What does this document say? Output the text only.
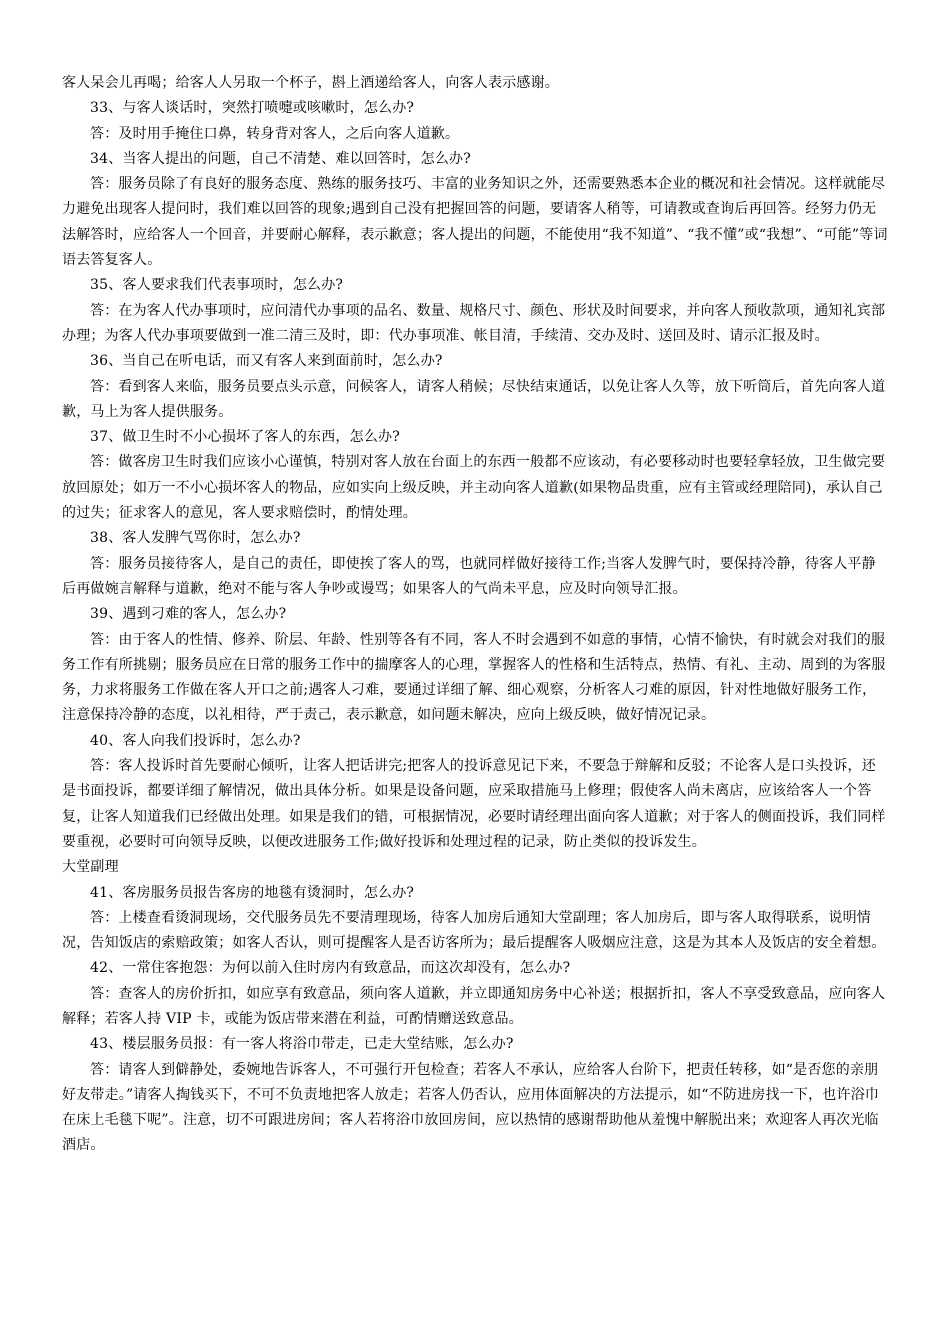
客人呆会儿再喝；给客人人另取一个杯子，斟上酒递给客人，向客人表示感谢。

33、与客人谈话时，突然打喷嚏或咳嗽时，怎么办?

答：及时用手掩住口鼻，转身背对客人，之后向客人道歉。

34、当客人提出的问题，自己不清楚、难以回答时，怎么办?

答：服务员除了有良好的服务态度、熟练的服务技巧、丰富的业务知识之外，还需要熟悉本企业的概况和社会情况。这样就能尽力避免出现客人提问时，我们难以回答的现象;遇到自己没有把握回答的问题，要请客人稍等，可请教或查询后再回答。经努力仍无法解答时，应给客人一个回音，并要耐心解释，表示歉意；客人提出的问题，不能使用“我不知道”、“我不懂”或“我想”、“可能”等词语去答复客人。

35、客人要求我们代表事项时，怎么办?

答：在为客人代办事项时，应问清代办事项的品名、数量、规格尺寸、颜色、形状及时间要求，并向客人预收款项，通知礼宾部办理；为客人代办事项要做到一准二清三及时，即：代办事项准、帐目清，手续清、交办及时、送回及时、请示汇报及时。

36、当自己在听电话，而又有客人来到面前时，怎么办?

答：看到客人来临，服务员要点头示意，问候客人，请客人稍候；尽快结束通话，以免让客人久等，放下听筒后，首先向客人道歉，马上为客人提供服务。

37、做卫生时不小心损坏了客人的东西，怎么办?

答：做客房卫生时我们应该小心谨慎，特别对客人放在台面上的东西一般都不应该动，有必要移动时也要轻拿轻放，卫生做完要放回原处；如万一不小心损坏客人的物品，应如实向上级反映，并主动向客人道歉(如果物品贵重，应有主管或经理陪同)，承认自己的过失；征求客人的意见，客人要求赔偿时，酌情处理。

38、客人发脾气骂你时，怎么办?

答：服务员接待客人，是自己的责任，即使挨了客人的骂，也就同样做好接待工作;当客人发脾气时，要保持冷静，待客人平静后再做婉言解释与道歉，绝对不能与客人争吵或谩骂；如果客人的气尚未平息，应及时向领导汇报。

39、遇到刁难的客人，怎么办?

答：由于客人的性情、修养、阶层、年龄、性别等各有不同，客人不时会遇到不如意的事情，心情不愉快，有时就会对我们的服务工作有所挑剔；服务员应在日常的服务工作中的揣摩客人的心理，掌握客人的性格和生活特点，热情、有礼、主动、周到的为客服务，力求将服务工作做在客人开口之前;遇客人刁难，要通过详细了解、细心观察，分析客人刁难的原因，针对性地做好服务工作，注意保持冷静的态度，以礼相待，严于责己，表示歉意，如问题未解决，应向上级反映，做好情况记录。

40、客人向我们投诉时，怎么办?

答：客人投诉时首先要耐心倾听，让客人把话讲完;把客人的投诉意见记下来，不要急于辩解和反驳；不论客人是口头投诉，还是书面投诉，都要详细了解情况，做出具体分析。如果是设备问题，应采取措施马上修理；假使客人尚未离店，应该给客人一个答复，让客人知道我们已经做出处理。如果是我们的错，可根据情况，必要时请经理出面向客人道歉；对于客人的侧面投诉，我们同样要重视，必要时可向领导反映，以便改进服务工作;做好投诉和处理过程的记录，防止类似的投诉发生。

大堂副理

41、客房服务员报告客房的地毯有烫洞时，怎么办?

答：上楼查看烫洞现场，交代服务员先不要清理现场，待客人加房后通知大堂副理；客人加房后，即与客人取得联系，说明情况，告知饭店的索赔政策；如客人否认，则可提醒客人是否访客所为；最后提醒客人吸烟应注意，这是为其本人及饭店的安全着想。

42、一常住客抱怨：为何以前入住时房内有致意品，而这次却没有，怎么办?

答：查客人的房价折扣，如应享有致意品，须向客人道歉，并立即通知房务中心补送；根据折扣，客人不享受致意品，应向客人解释；若客人持 VIP 卡，或能为饭店带来潜在利益，可酌情赠送致意品。

43、楼层服务员报：有一客人将浴巾带走，已走大堂结账，怎么办?

答：请客人到僻静处，委婉地告诉客人，不可强行开包检查；若客人不承认，应给客人台阶下，把责任转移，如“是否您的亲朋好友带走。”请客人掏钱买下，不可不负责地把客人放走；若客人仍否认，应用体面解决的方法提示，如“不防进房找一下，也许浴巾在床上毛毯下呢”。注意，切不可跟进房间；客人若将浴巾放回房间，应以热情的感谢帮助他从羞愧中解脱出来；欢迎客人再次光临酒店。
